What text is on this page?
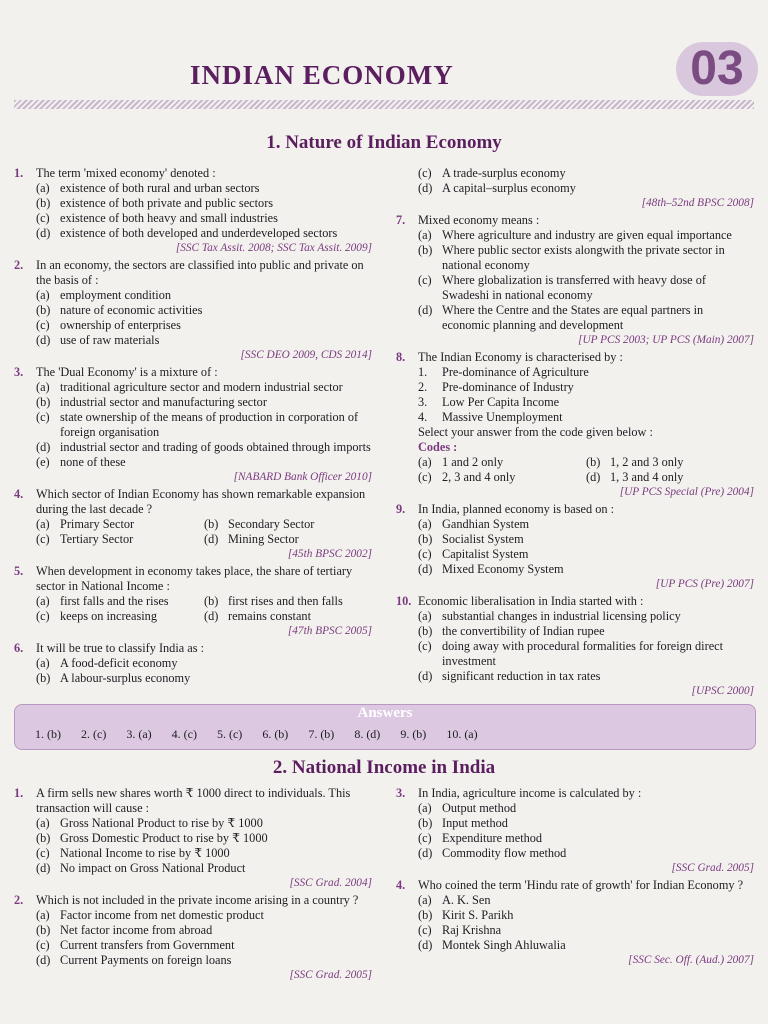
INDIAN ECONOMY	03
1. Nature of Indian Economy
1.	The term 'mixed economy' denoted :
(a) existence of both rural and urban sectors
(b) existence of both private and public sectors
(c) existence of both heavy and small industries
(d) existence of both developed and underdeveloped sectors
[SSC Tax Assit. 2008; SSC Tax Assit. 2009]
2.	In an economy, the sectors are classified into public and private on the basis of :
(a) employment condition
(b) nature of economic activities
(c) ownership of enterprises
(d) use of raw materials
[SSC DEO 2009, CDS 2014]
3.	The 'Dual Economy' is a mixture of :
(a) traditional agriculture sector and modern industrial sector
(b) industrial sector and manufacturing sector
(c) state ownership of the means of production in corporation of foreign organisation
(d) industrial sector and trading of goods obtained through imports
(e) none of these
[NABARD Bank Officer 2010]
4.	Which sector of Indian Economy has shown remarkable expansion during the last decade ?
(a) Primary Sector	(b) Secondary Sector
(c) Tertiary Sector	(d) Mining Sector
[45th BPSC 2002]
5.	When development in economy takes place, the share of tertiary sector in National Income :
(a) first falls and the rises	(b) first rises and then falls
(c) keeps on increasing	(d) remains constant
[47th BPSC 2005]
6.	It will be true to classify India as :
(a) A food-deficit economy
(b) A labour-surplus economy
(c) A trade-surplus economy
(d) A capital–surplus economy
[48th–52nd BPSC 2008]
7.	Mixed economy means :
(a) Where agriculture and industry are given equal importance
(b) Where public sector exists alongwith the private sector in national economy
(c) Where globalization is transferred with heavy dose of Swadeshi in national economy
(d) Where the Centre and the States are equal partners in economic planning and development
[UP PCS 2003; UP PCS (Main) 2007]
8.	The Indian Economy is characterised by :
1.	Pre-dominance of Agriculture
2.	Pre-dominance of Industry
3.	Low Per Capita Income
4.	Massive Unemployment
Select your answer from the code given below :
Codes :
(a) 1 and 2 only	(b) 1, 2 and 3 only
(c) 2, 3 and 4 only	(d) 1, 3 and 4 only
[UP PCS Special (Pre) 2004]
9.	In India, planned economy is based on :
(a) Gandhian System
(b) Socialist System
(c) Capitalist System
(d) Mixed Economy System
[UP PCS (Pre) 2007]
10. Economic liberalisation in India started with :
(a) substantial changes in industrial licensing policy
(b) the convertibility of Indian rupee
(c) doing away with procedural formalities for foreign direct investment
(d) significant reduction in tax rates
[UPSC 2000]
Answers
1. (b) 2. (c) 3. (a) 4. (c) 5. (c) 6. (b) 7. (b) 8. (d) 9. (b) 10. (a)
2. National Income in India
1.	A firm sells new shares worth ₹ 1000 direct to individuals. This transaction will cause :
(a) Gross National Product to rise by ₹ 1000
(b) Gross Domestic Product to rise by ₹ 1000
(c) National Income to rise by ₹ 1000
(d) No impact on Gross National Product
[SSC Grad. 2004]
2.	Which is not included in the private income arising in a country ?
(a) Factor income from net domestic product
(b) Net factor income from abroad
(c) Current transfers from Government
(d) Current Payments on foreign loans
[SSC Grad. 2005]
3.	In India, agriculture income is calculated by :
(a) Output method
(b) Input method
(c) Expenditure method
(d) Commodity flow method
[SSC Grad. 2005]
4.	Who coined the term 'Hindu rate of growth' for Indian Economy ?
(a) A. K. Sen
(b) Kirit S. Parikh
(c) Raj Krishna
(d) Montek Singh Ahluwalia
[SSC Sec. Off. (Aud.) 2007]
